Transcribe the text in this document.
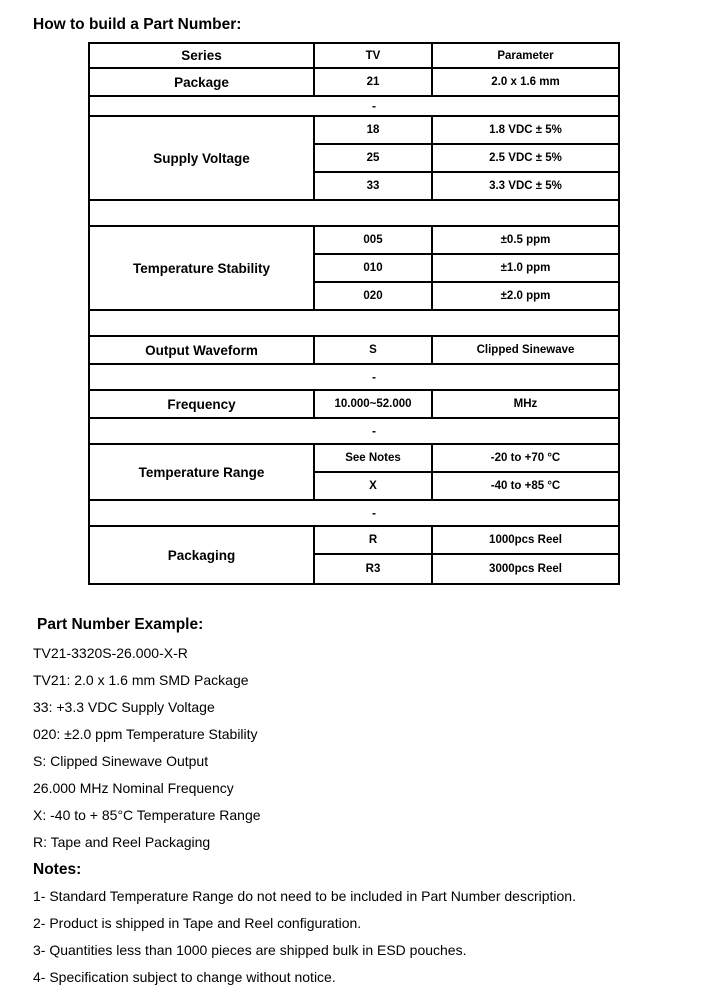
How to build a Part Number:
Series	TV	Parameter
Package	21	2.0 x 1.6 mm
-
Supply Voltage
18	1.8 VDC ± 5%
25	2.5 VDC ± 5%
33	3.3 VDC ± 5%
Temperature Stability
005	±0.5 ppm
010	±1.0 ppm
020	±2.0 ppm
Output Waveform	S	Clipped Sinewave
-
Frequency	10.000~52.000	MHz
-
Temperature Range
See Notes	-20 to +70 °C
X	-40 to +85 °C
-
Packaging
R	1000pcs Reel
R3	3000pcs Reel
Part Number Example:
TV21-3320S-26.000-X-R
TV21: 2.0 x 1.6 mm SMD Package
33: +3.3 VDC Supply Voltage
020: ±2.0 ppm Temperature Stability
S: Clipped Sinewave Output
26.000 MHz Nominal Frequency
X: -40 to + 85°C Temperature Range
R: Tape and Reel Packaging
Notes:
1- Standard Temperature Range do not need to be included in Part Number description.
2- Product is shipped in Tape and Reel configuration.
3- Quantities less than 1000 pieces are shipped bulk in ESD pouches.
4- Specification subject to change without notice.
